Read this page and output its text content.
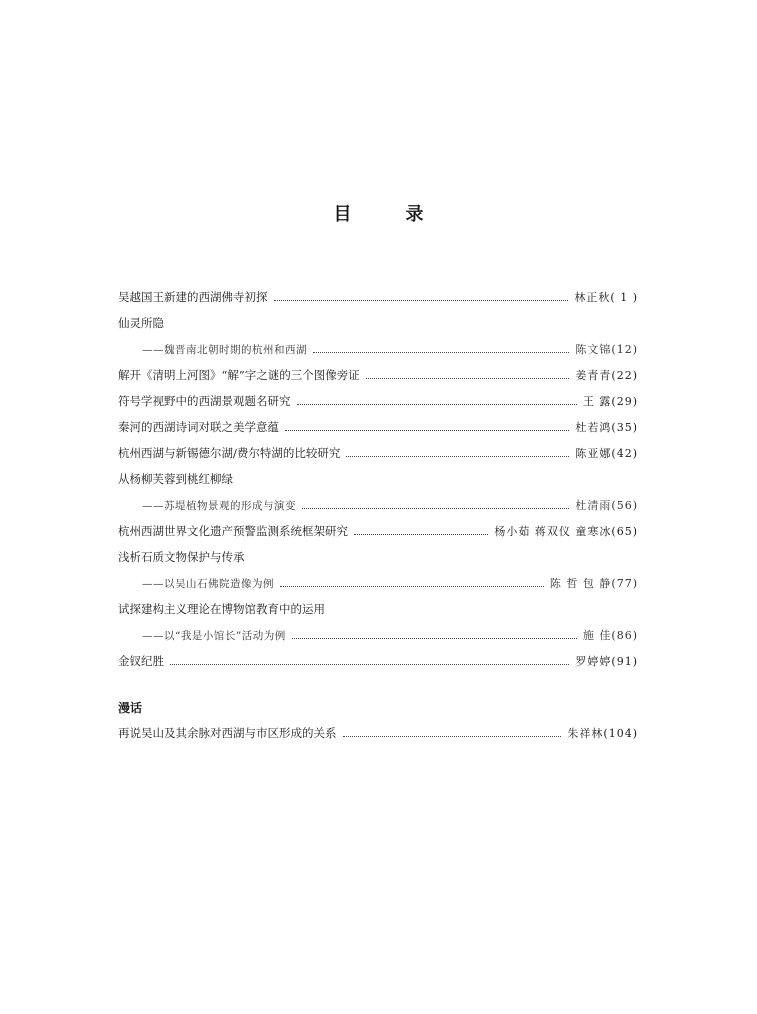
目	录
吴越国王新建的西湖佛寺初探	林正秋( 1 )
仙灵所隐
——魏晋南北朝时期的杭州和西湖	陈文锦(12)
解开《清明上河图》“解”字之谜的三个图像旁证	姜青青(22)
符号学视野中的西湖景观题名研究	王 露(29)
秦河的西湖诗词对联之美学意蕴	杜若鸿(35)
杭州西湖与新锡德尔湖/费尔特湖的比较研究	陈亚娜(42)
从杨柳芙蓉到桃红柳绿
——苏堤植物景观的形成与演变	杜清雨(56)
杭州西湖世界文化遗产预警监测系统框架研究	杨小茹 蒋双仪 童寒冰(65)
浅析石质文物保护与传承
——以吴山石佛院造像为例	陈 哲 包 静(77)
试探建构主义理论在博物馆教育中的运用
——以“我是小馆长”活动为例	施 佳(86)
金钗纪胜	罗婷婷(91)
漫话
再说吴山及其余脉对西湖与市区形成的关系	朱祥林(104)
